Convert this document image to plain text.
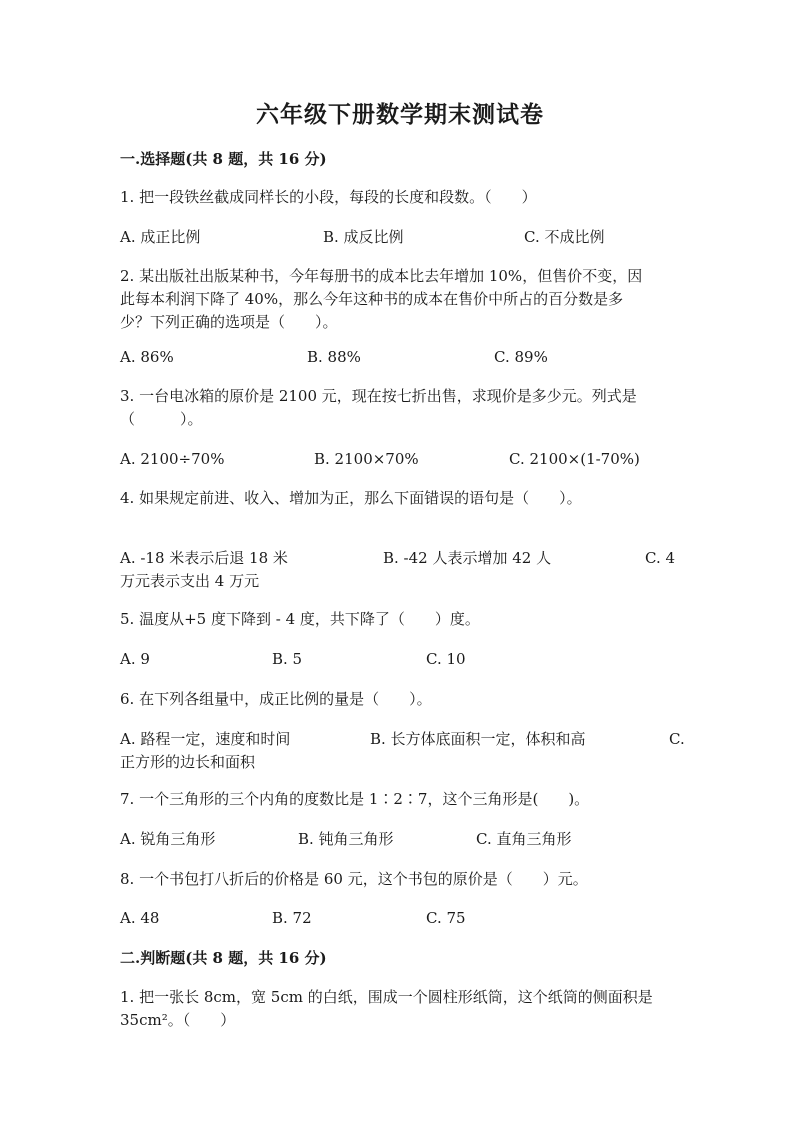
六年级下册数学期末测试卷
一.选择题(共 8 题，共 16 分)
1. 把一段铁丝截成同样长的小段，每段的长度和段数。（　　）
A. 成正比例	B. 成反比例	C. 不成比例
2. 某出版社出版某种书，今年每册书的成本比去年增加 10%，但售价不变，因
此每本利润下降了 40%，那么今年这种书的成本在售价中所占的百分数是多
少？下列正确的选项是（　　）。
A. 86%	B. 88%	C. 89%
3. 一台电冰箱的原价是 2100 元，现在按七折出售，求现价是多少元。列式是
（　　　）。
A. 2100÷70%	B. 2100×70%	C. 2100×(1-70%)
4. 如果规定前进、收入、增加为正，那么下面错误的语句是（　　）。
A. -18 米表示后退 18 米	B. -42 人表示增加 42 人	C. 4
万元表示支出 4 万元
5. 温度从+5 度下降到 - 4 度，共下降了（　　）度。
A. 9	B. 5	C. 10
6. 在下列各组量中，成正比例的量是（　　）。
A. 路程一定，速度和时间	B. 长方体底面积一定，体积和高	C.
正方形的边长和面积
7. 一个三角形的三个内角的度数比是 1∶2∶7，这个三角形是(　　)。
A. 锐角三角形	B. 钝角三角形	C. 直角三角形
8. 一个书包打八折后的价格是 60 元，这个书包的原价是（　　）元。
A. 48	B. 72	C. 75
二.判断题(共 8 题，共 16 分)
1. 把一张长 8cm，宽 5cm 的白纸，围成一个圆柱形纸筒，这个纸筒的侧面积是
35cm²。（　　）
